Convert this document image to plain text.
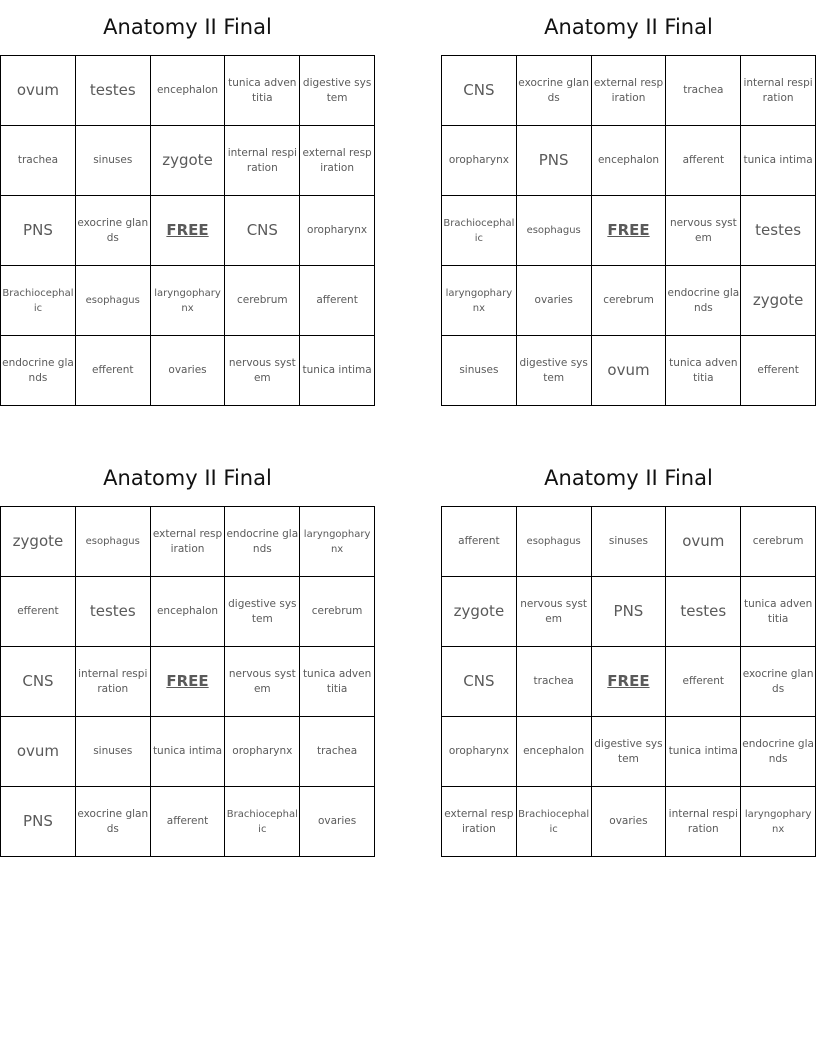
Anatomy II Final
ovum	testes	encephalon	tunica adventitia	digestive system
trachea	sinuses	zygote	internal respiration	external respiration
PNS	exocrine glands	FREE	CNS	oropharynx
Brachiocephalic	esophagus	laryngopharynx	cerebrum	afferent
endocrine glands	efferent	ovaries	nervous system	tunica intima
Anatomy II Final
CNS	exocrine glands	external respiration	trachea	internal respiration
oropharynx	PNS	encephalon	afferent	tunica intima
Brachiocephalic	esophagus	FREE	nervous system	testes
laryngopharynx	ovaries	cerebrum	endocrine glands	zygote
sinuses	digestive system	ovum	tunica adventitia	efferent
Anatomy II Final
zygote	esophagus	external respiration	endocrine glands	laryngopharynx
efferent	testes	encephalon	digestive system	cerebrum
CNS	internal respiration	FREE	nervous system	tunica adventitia
ovum	sinuses	tunica intima	oropharynx	trachea
PNS	exocrine glands	afferent	Brachiocephalic	ovaries
Anatomy II Final
afferent	esophagus	sinuses	ovum	cerebrum
zygote	nervous system	PNS	testes	tunica adventitia
CNS	trachea	FREE	efferent	exocrine glands
oropharynx	encephalon	digestive system	tunica intima	endocrine glands
external respiration	Brachiocephalic	ovaries	internal respiration	laryngopharynx
